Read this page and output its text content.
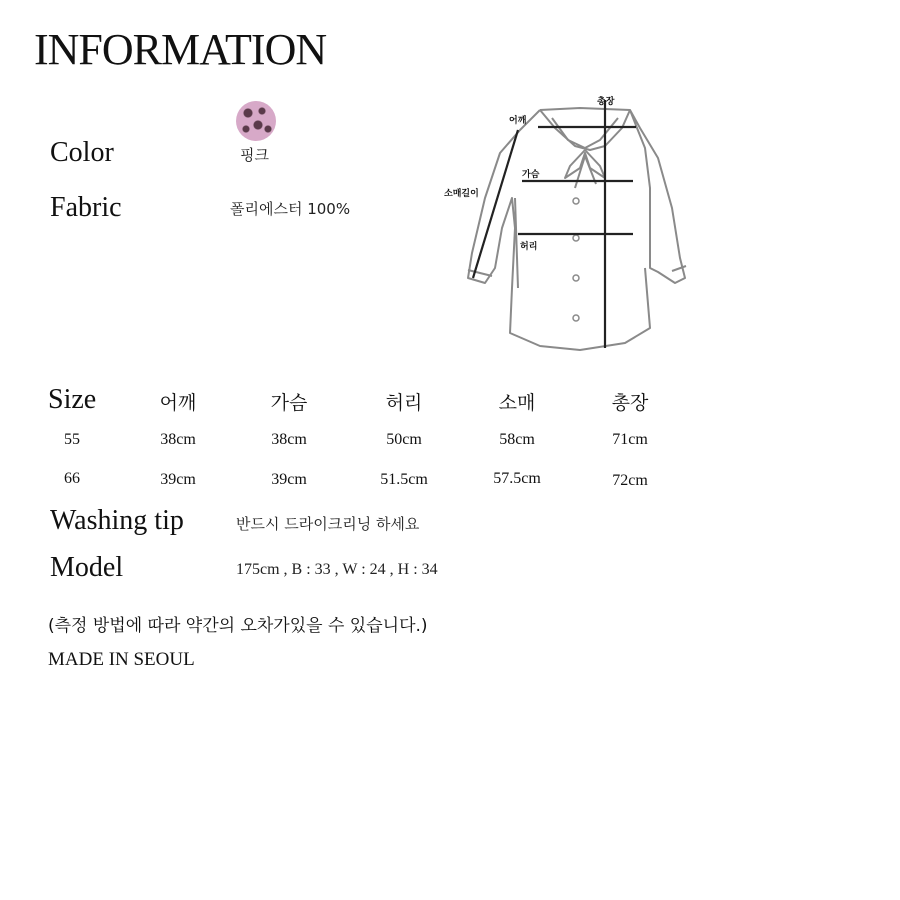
INFORMATION
Color	핑크
Fabric	폴리에스터 100%
총장
어깨
가슴
소매길이
허리
Size	어깨	가슴	허리	소매	총장
55	38cm	38cm	50cm	58cm	71cm
66	39cm	39cm	51.5cm	57.5cm	72cm
Washing tip	반드시 드라이크리닝 하세요
Model	175cm , B : 33 , W : 24 , H : 34
(측정 방법에 따라 약간의 오차가있을 수 있습니다.)
MADE IN SEOUL
